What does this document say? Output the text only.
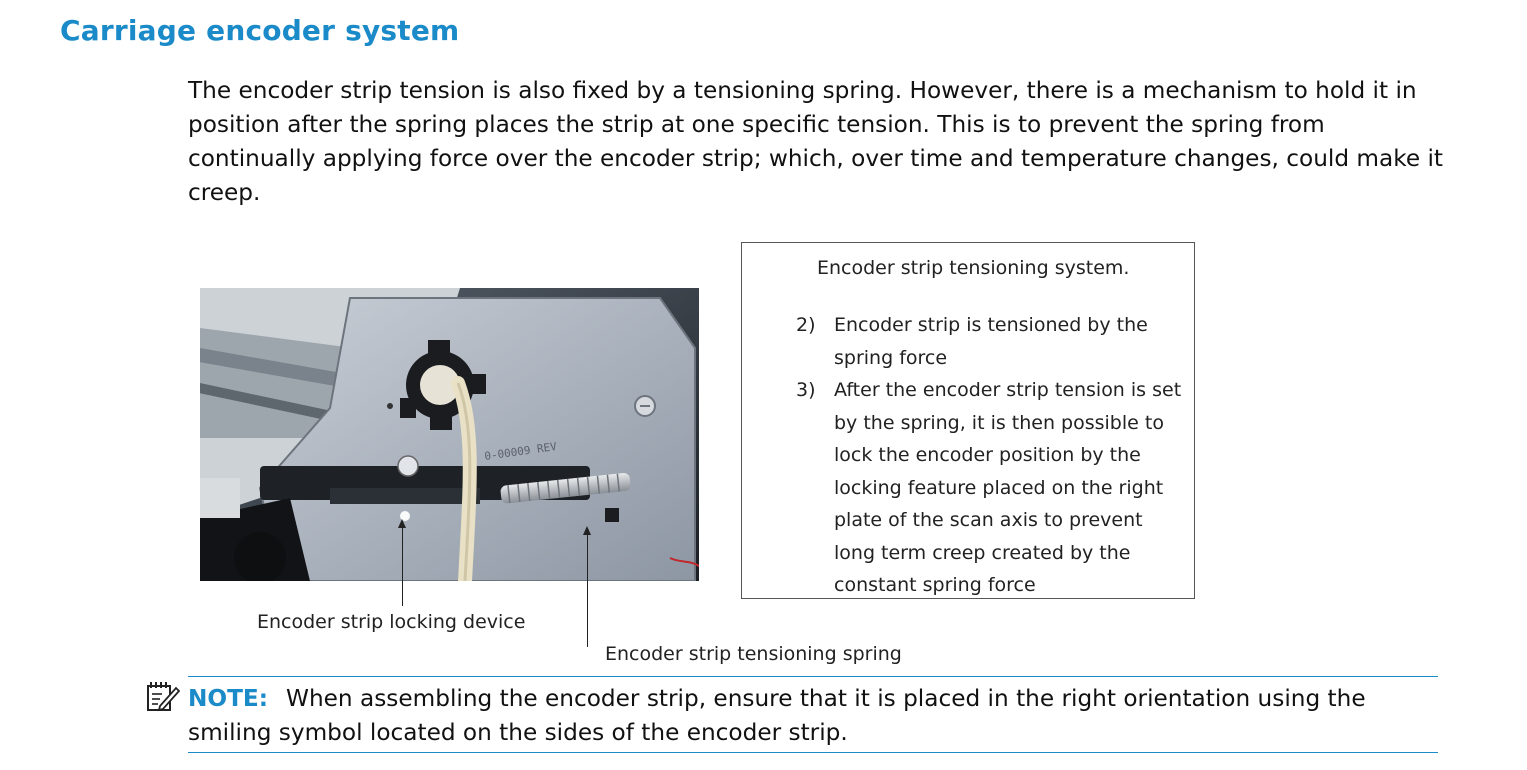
Carriage encoder system

The encoder strip tension is also fixed by a tensioning spring. However, there is a mechanism to hold it in position after the spring places the strip at one specific tension. This is to prevent the spring from continually applying force over the encoder strip; which, over time and temperature changes, could make it creep.

0-00009 REV

Encoder strip locking device

Encoder strip tensioning spring

Encoder strip tensioning system.

2) Encoder strip is tensioned by the spring force
3) After the encoder strip tension is set by the spring, it is then possible to lock the encoder position by the locking feature placed on the right plate of the scan axis to prevent long term creep created by the constant spring force

NOTE: When assembling the encoder strip, ensure that it is placed in the right orientation using the smiling symbol located on the sides of the encoder strip.
